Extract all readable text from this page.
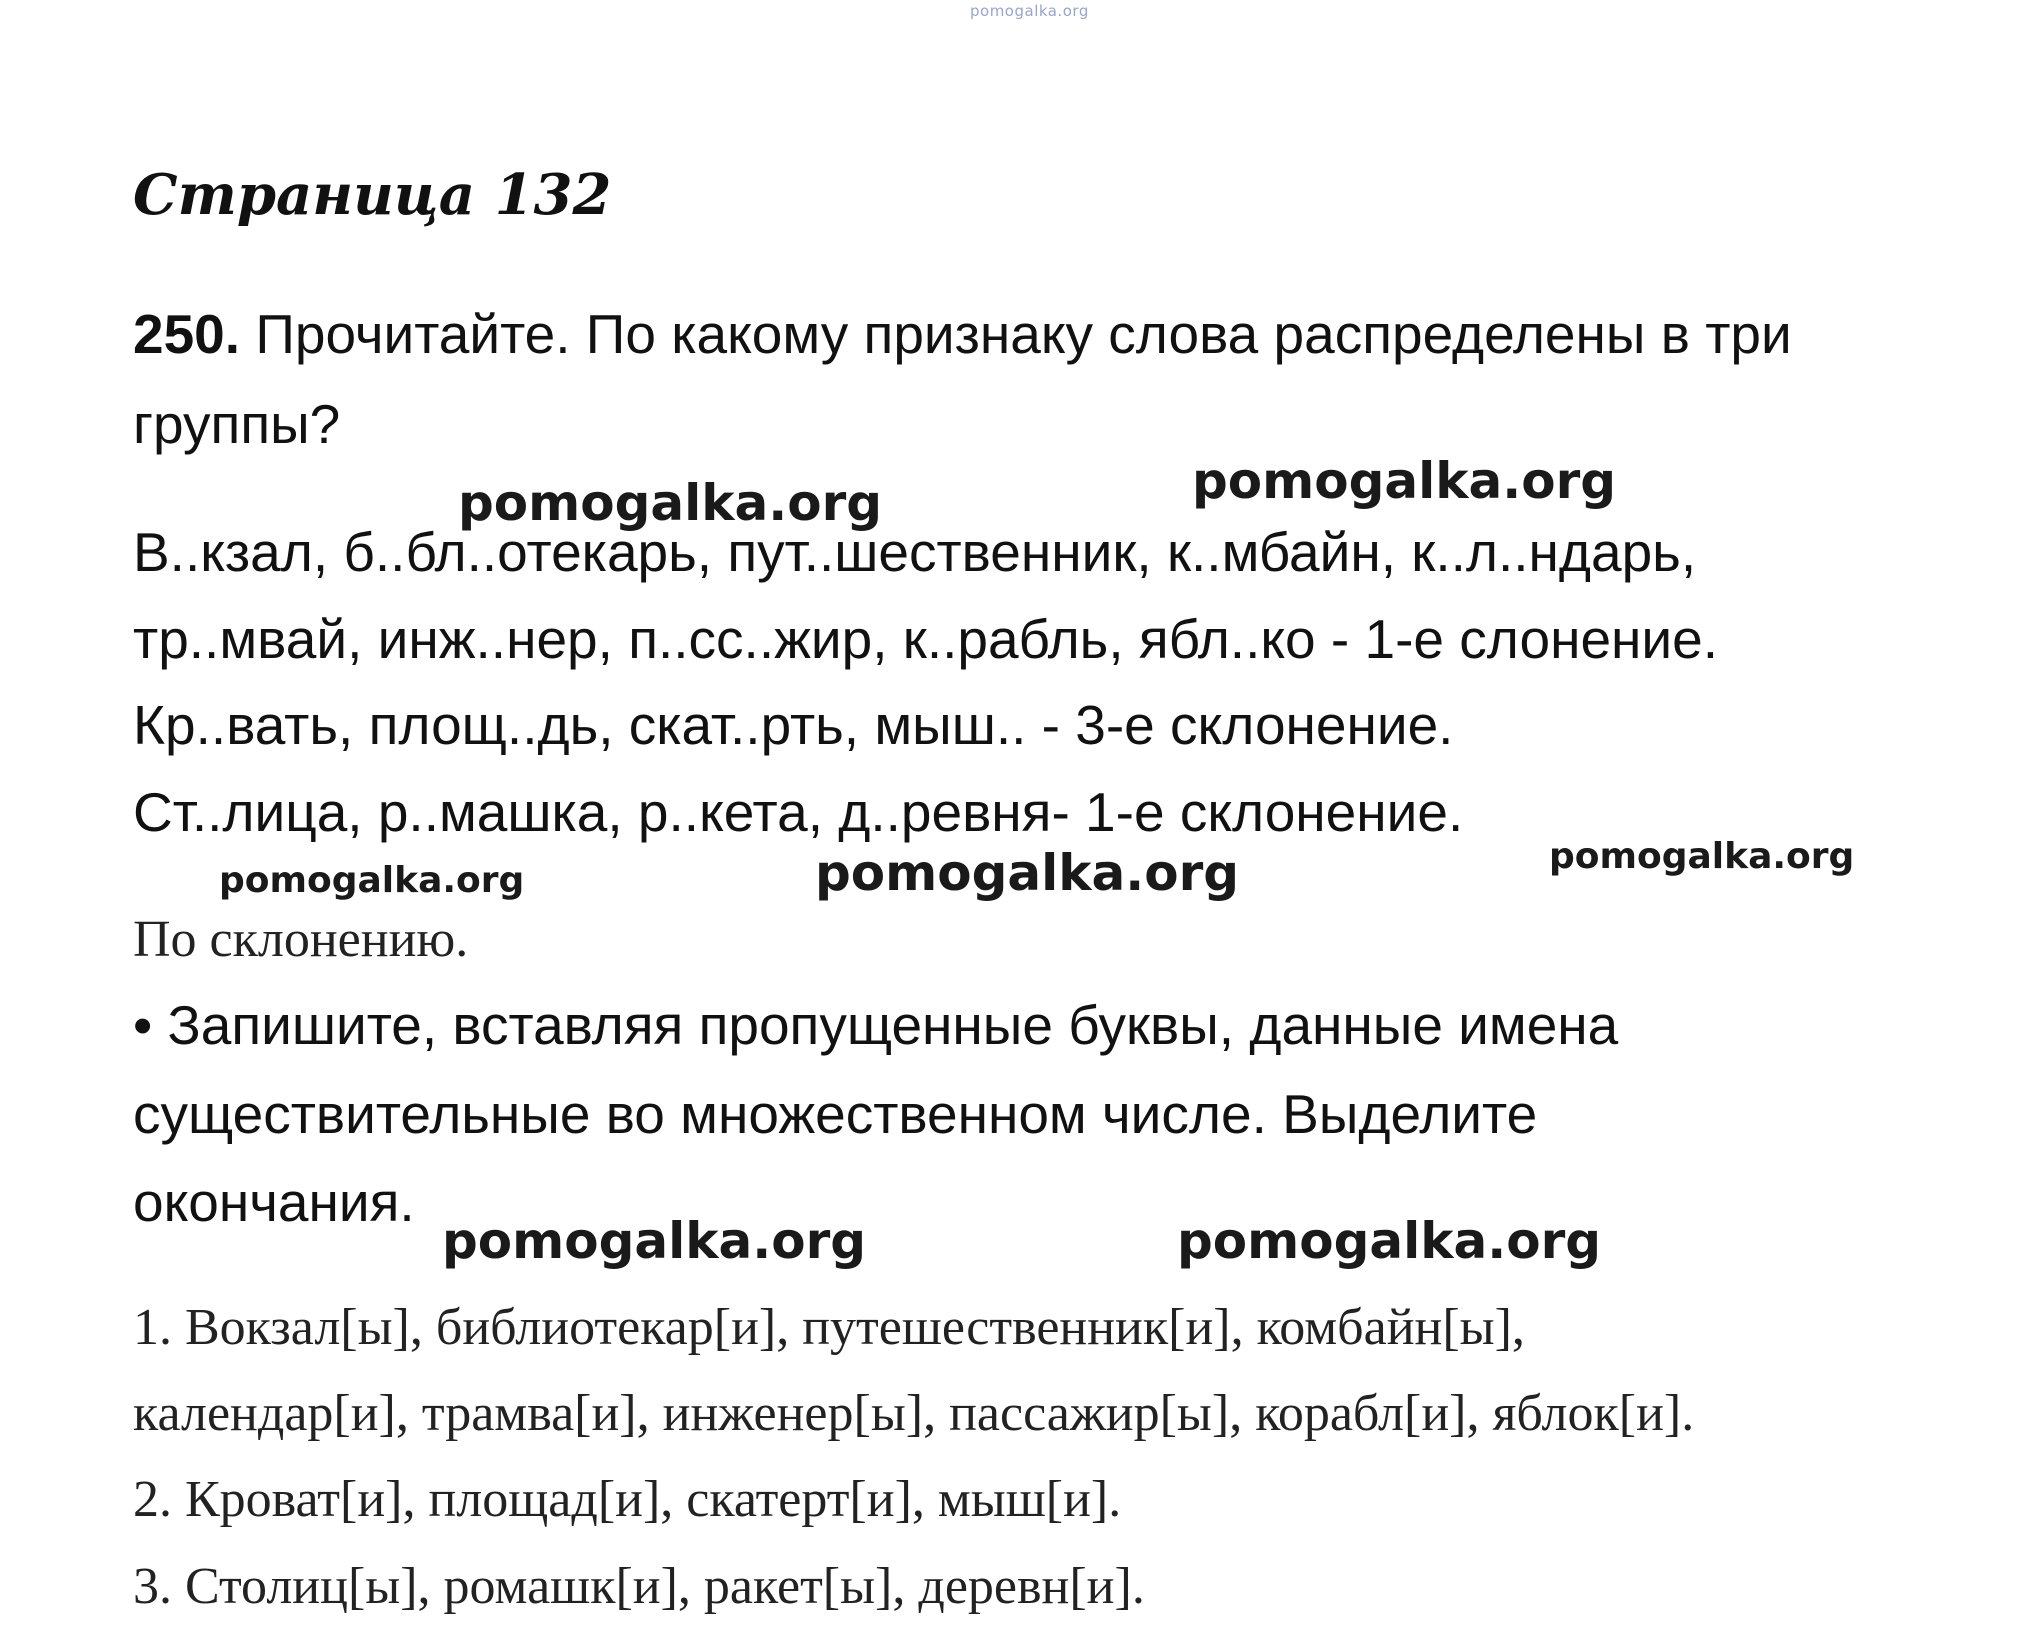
pomogalka.org
Страница 132
250. Прочитайте. По какому признаку слова распределены в три
группы?
В..кзал, б..бл..отекарь, пут..шественник, к..мбайн, к..л..ндарь,
тр..мвай, инж..нер, п..сс..жир, к..рабль, ябл..ко - 1-е слонение.
Кр..вать, площ..дь, скат..рть, мыш.. - 3-е склонение.
Ст..лица, р..машка, р..кета, д..ревня- 1-е склонение.
По склонению.
• Запишите, вставляя пропущенные буквы, данные имена
существительные во множественном числе. Выделите
окончания.
1. Вокзал[ы], библиотекар[и], путешественник[и], комбайн[ы],
календар[и], трамва[и], инженер[ы], пассажир[ы], корабл[и], яблок[и].
2. Крoват[и], площад[и], скатерт[и], мыш[и].
3. Столиц[ы], ромашк[и], ракет[ы], деревн[и].
pomogalka.org	pomogalka.org
pomogalka.org	pomogalka.org	pomogalka.org
pomogalka.org	pomogalka.org
